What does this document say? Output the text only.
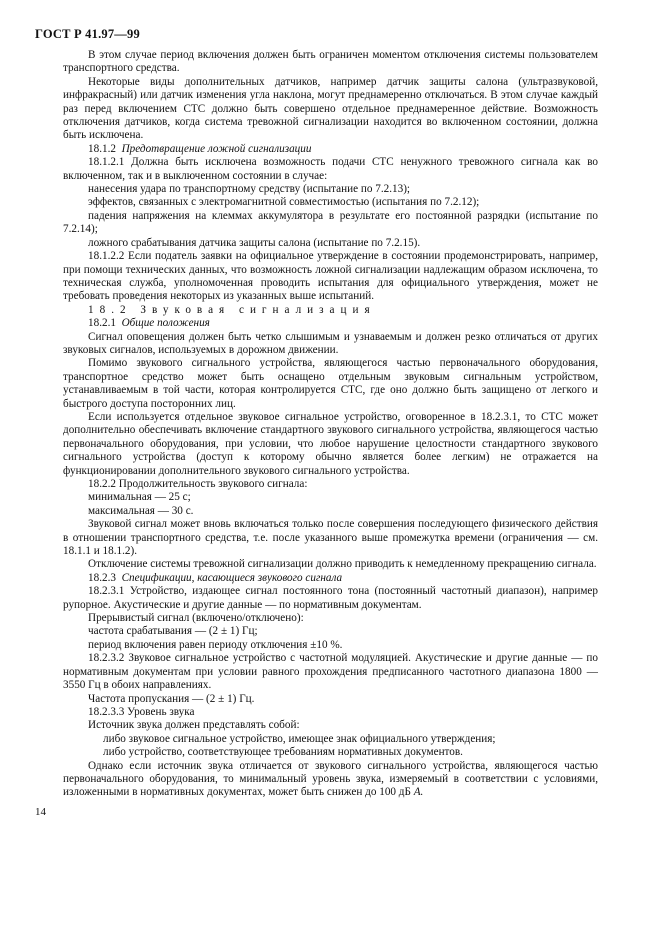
ГОСТ Р 41.97—99

В этом случае период включения должен быть ограничен моментом отключения системы пользователем транспортного средства.

Некоторые виды дополнительных датчиков, например датчик защиты салона (ультразвуковой, инфракрасный) или датчик изменения угла наклона, могут преднамеренно отключаться. В этом случае каждый раз перед включением СТС должно быть совершено отдельное преднамеренное действие. Возможность отключения датчиков, когда система тревожной сигнализации находится во включенном состоянии, должна быть исключена.

18.1.2 Предотвращение ложной сигнализации

18.1.2.1 Должна быть исключена возможность подачи СТС ненужного тревожного сигнала как во включенном, так и в выключенном состоянии в случае:

нанесения удара по транспортному средству (испытание по 7.2.13);

эффектов, связанных с электромагнитной совместимостью (испытания по 7.2.12);

падения напряжения на клеммах аккумулятора в результате его постоянной разрядки (испытание по 7.2.14);

ложного срабатывания датчика защиты салона (испытание по 7.2.15).

18.1.2.2 Если податель заявки на официальное утверждение в состоянии продемонстрировать, например, при помощи технических данных, что возможность ложной сигнализации надлежащим образом исключена, то техническая служба, уполномоченная проводить испытания для официального утверждения, может не требовать проведения некоторых из указанных выше испытаний.

18.2 Звуковая сигнализация

18.2.1 Общие положения

Сигнал оповещения должен быть четко слышимым и узнаваемым и должен резко отличаться от других звуковых сигналов, используемых в дорожном движении.

Помимо звукового сигнального устройства, являющегося частью первоначального оборудования, транспортное средство может быть оснащено отдельным звуковым сигнальным устройством, устанавливаемым в той части, которая контролируется СТС, где оно должно быть защищено от легкого и быстрого доступа посторонних лиц.

Если используется отдельное звуковое сигнальное устройство, оговоренное в 18.2.3.1, то СТС может дополнительно обеспечивать включение стандартного звукового сигнального устройства, являющегося частью первоначального оборудования, при условии, что любое нарушение целостности стандартного звукового сигнального устройства (доступ к которому обычно является более легким) не отражается на функционировании дополнительного звукового сигнального устройства.

18.2.2 Продолжительность звукового сигнала:

минимальная — 25 с;

максимальная — 30 с.

Звуковой сигнал может вновь включаться только после совершения последующего физического действия в отношении транспортного средства, т.е. после указанного выше промежутка времени (ограничения — см. 18.1.1 и 18.1.2).

Отключение системы тревожной сигнализации должно приводить к немедленному прекращению сигнала.

18.2.3 Спецификации, касающиеся звукового сигнала

18.2.3.1 Устройство, издающее сигнал постоянного тона (постоянный частотный диапазон), например рупорное. Акустические и другие данные — по нормативным документам.

Прерывистый сигнал (включено/отключено):

частота срабатывания — (2 ± 1) Гц;

период включения равен периоду отключения ±10 %.

18.2.3.2 Звуковое сигнальное устройство с частотной модуляцией. Акустические и другие данные — по нормативным документам при условии равного прохождения предписанного частотного диапазона 1800 — 3550 Гц в обоих направлениях.

Частота пропускания — (2 ± 1) Гц.

18.2.3.3 Уровень звука

Источник звука должен представлять собой:

либо звуковое сигнальное устройство, имеющее знак официального утверждения;

либо устройство, соответствующее требованиям нормативных документов.

Однако если источник звука отличается от звукового сигнального устройства, являющегося частью первоначального оборудования, то минимальный уровень звука, измеряемый в соответствии с условиями, изложенными в нормативных документах, может быть снижен до 100 дБ А.

14
